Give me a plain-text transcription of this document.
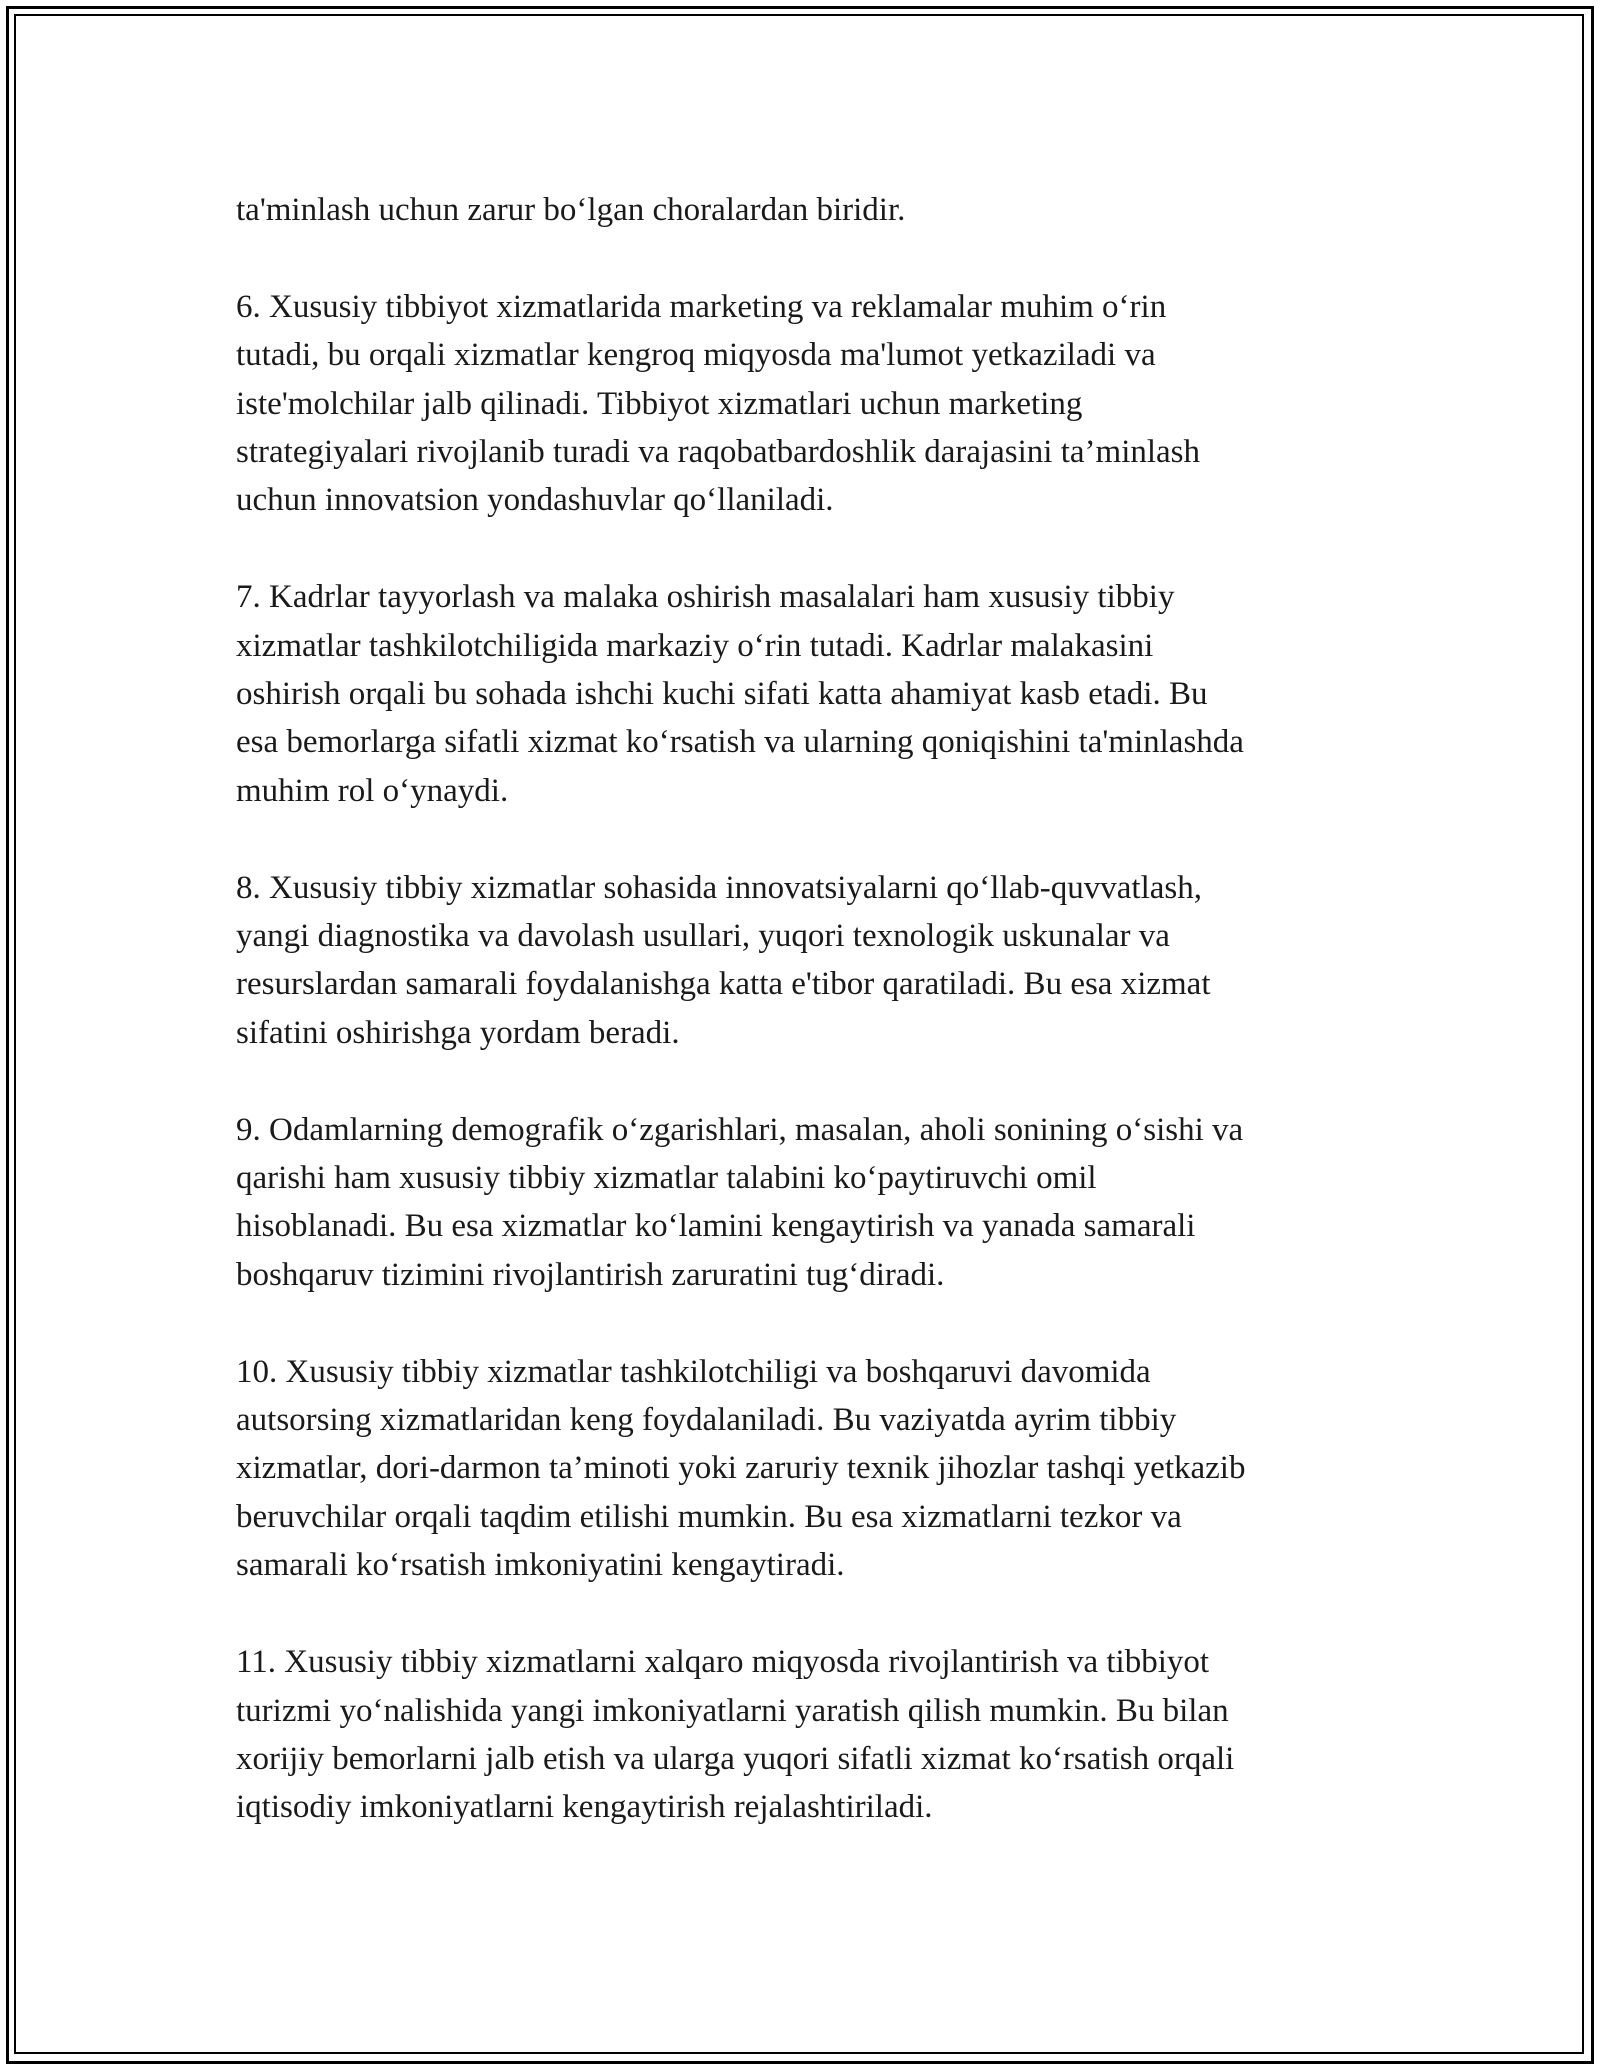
ta'minlash uchun zarur bo‘lgan choralardan biridir.
6. Xususiy tibbiyot xizmatlarida marketing va reklamalar muhim o‘rin
tutadi, bu orqali xizmatlar kengroq miqyosda ma'lumot yetkaziladi va
iste'molchilar jalb qilinadi. Tibbiyot xizmatlari uchun marketing
strategiyalari rivojlanib turadi va raqobatbardoshlik darajasini ta’minlash
uchun innovatsion yondashuvlar qo‘llaniladi.
7. Kadrlar tayyorlash va malaka oshirish masalalari ham xususiy tibbiy
xizmatlar tashkilotchiligida markaziy o‘rin tutadi. Kadrlar malakasini
oshirish orqali bu sohada ishchi kuchi sifati katta ahamiyat kasb etadi. Bu
esa bemorlarga sifatli xizmat ko‘rsatish va ularning qoniqishini ta'minlashda
muhim rol o‘ynaydi.
8. Xususiy tibbiy xizmatlar sohasida innovatsiyalarni qo‘llab-quvvatlash,
yangi diagnostika va davolash usullari, yuqori texnologik uskunalar va
resurslardan samarali foydalanishga katta e'tibor qaratiladi. Bu esa xizmat
sifatini oshirishga yordam beradi.
9. Odamlarning demografik o‘zgarishlari, masalan, aholi sonining o‘sishi va
qarishi ham xususiy tibbiy xizmatlar talabini ko‘paytiruvchi omil
hisoblanadi. Bu esa xizmatlar ko‘lamini kengaytirish va yanada samarali
boshqaruv tizimini rivojlantirish zaruratini tug‘diradi.
10. Xususiy tibbiy xizmatlar tashkilotchiligi va boshqaruvi davomida
autsorsing xizmatlaridan keng foydalaniladi. Bu vaziyatda ayrim tibbiy
xizmatlar, dori-darmon ta’minoti yoki zaruriy texnik jihozlar tashqi yetkazib
beruvchilar orqali taqdim etilishi mumkin. Bu esa xizmatlarni tezkor va
samarali ko‘rsatish imkoniyatini kengaytiradi.
11. Xususiy tibbiy xizmatlarni xalqaro miqyosda rivojlantirish va tibbiyot
turizmi yo‘nalishida yangi imkoniyatlarni yaratish qilish mumkin. Bu bilan
xorijiy bemorlarni jalb etish va ularga yuqori sifatli xizmat ko‘rsatish orqali
iqtisodiy imkoniyatlarni kengaytirish rejalashtiriladi.
